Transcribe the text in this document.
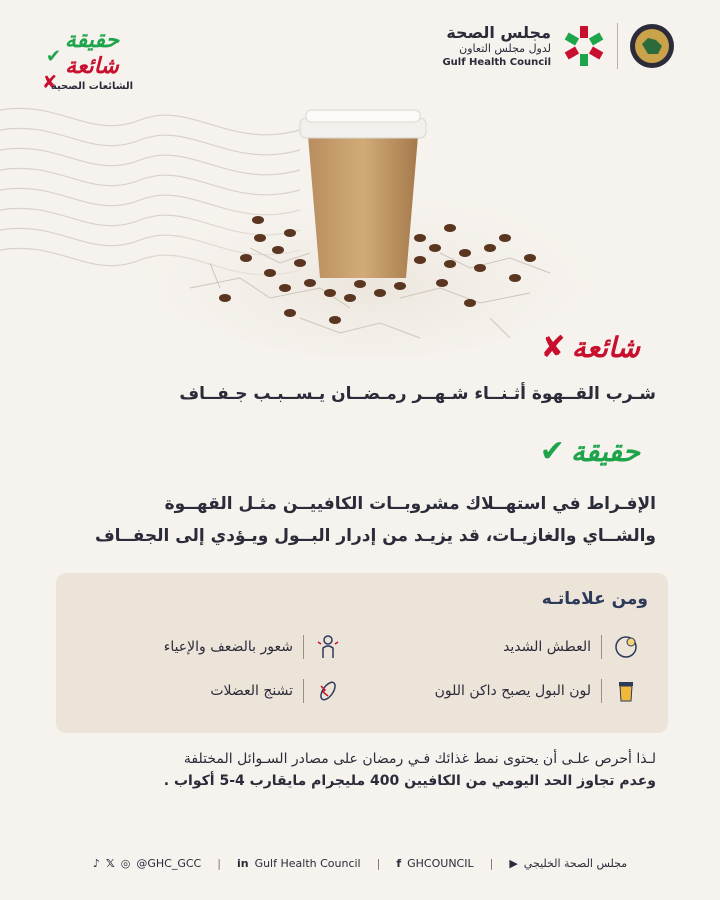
حقيقة
شائعة
الشائعات الصحية
✔
✘
مجلس الصحة
لدول مجلس التعاون
Gulf Health Council
شائعة
✘
شـرب القــهوة أثـنــاء شـهــر رمـضــان يـســبـب جـفــاف
حقيقة
✔
الإفـراط في استهــلاك مشروبــات الكافييــن مثـل القهــوة
والشــاي والغازيـات، قد يزيـد من إدرار البــول ويـؤدي إلى الجفــاف
ومن علاماتـه
العطش الشديد
شعور بالضعف والإعياء
لون البول يصبح داكن اللون
تشنج العضلات
لـذا أحرص علـى أن يحتوى نمط غذائك فـي رمضان على مصادر السـوائل المختلفة
وعدم تجاوز الحد اليومي من الكافيين 400 مليجرام مايقارب 4-5 أكواب .
♪ 𝕏 ◎ @GHC_GCC | in Gulf Health Council | f GHCOUNCIL | ▶ مجلس الصحة الخليجي
